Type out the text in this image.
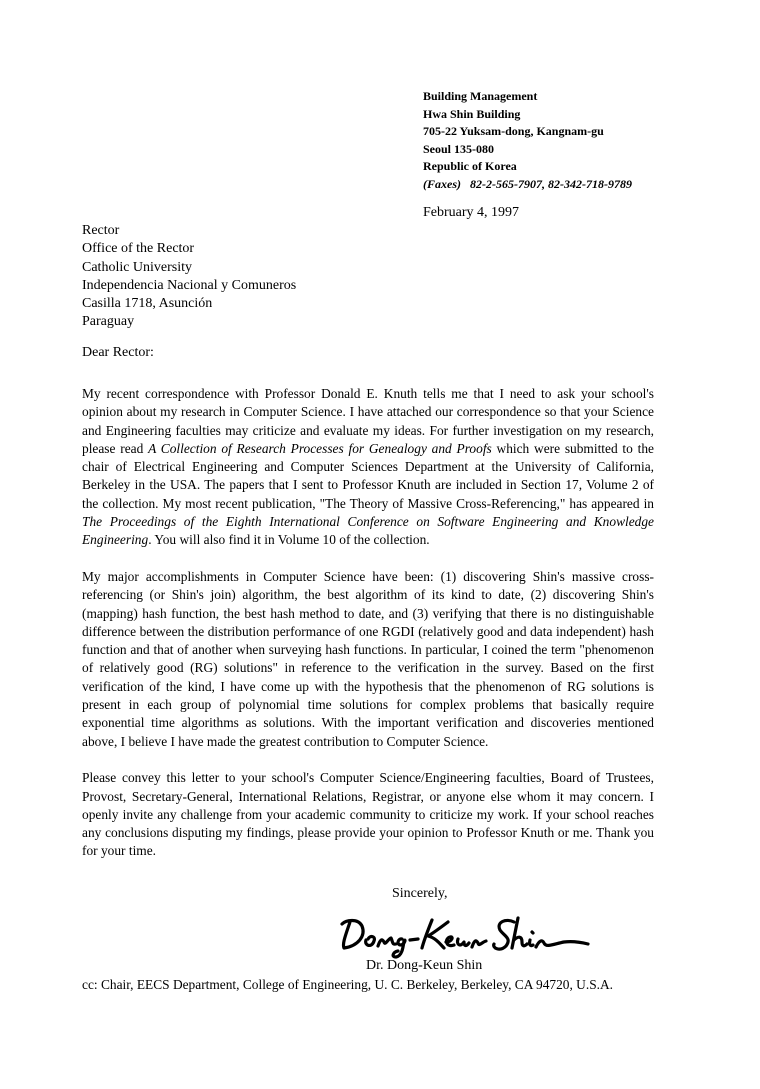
Building Management
Hwa Shin Building
705-22 Yuksam-dong, Kangnam-gu
Seoul 135-080
Republic of Korea
(Faxes) 82-2-565-7907, 82-342-718-9789
February 4, 1997
Rector
Office of the Rector
Catholic University
Independencia Nacional y Comuneros
Casilla 1718, Asunción
Paraguay
Dear Rector:

My recent correspondence with Professor Donald E. Knuth tells me that I need to ask your school's opinion about my research in Computer Science. I have attached our correspondence so that your Science and Engineering faculties may criticize and evaluate my ideas. For further investigation on my research, please read A Collection of Research Processes for Genealogy and Proofs which were submitted to the chair of Electrical Engineering and Computer Sciences Department at the University of California, Berkeley in the USA. The papers that I sent to Professor Knuth are included in Section 17, Volume 2 of the collection. My most recent publication, "The Theory of Massive Cross-Referencing," has appeared in The Proceedings of the Eighth International Conference on Software Engineering and Knowledge Engineering. You will also find it in Volume 10 of the collection.

My major accomplishments in Computer Science have been: (1) discovering Shin's massive cross-referencing (or Shin's join) algorithm, the best algorithm of its kind to date, (2) discovering Shin's (mapping) hash function, the best hash method to date, and (3) verifying that there is no distinguishable difference between the distribution performance of one RGDI (relatively good and data independent) hash function and that of another when surveying hash functions. In particular, I coined the term "phenomenon of relatively good (RG) solutions" in reference to the verification in the survey. Based on the first verification of the kind, I have come up with the hypothesis that the phenomenon of RG solutions is present in each group of polynomial time solutions for complex problems that basically require exponential time algorithms as solutions. With the important verification and discoveries mentioned above, I believe I have made the greatest contribution to Computer Science.

Please convey this letter to your school's Computer Science/Engineering faculties, Board of Trustees, Provost, Secretary-General, International Relations, Registrar, or anyone else whom it may concern. I openly invite any challenge from your academic community to criticize my work. If your school reaches any conclusions disputing my findings, please provide your opinion to Professor Knuth or me. Thank you for your time.

Sincerely,
Dr. Dong-Keun Shin
cc: Chair, EECS Department, College of Engineering, U. C. Berkeley, Berkeley, CA 94720, U.S.A.
